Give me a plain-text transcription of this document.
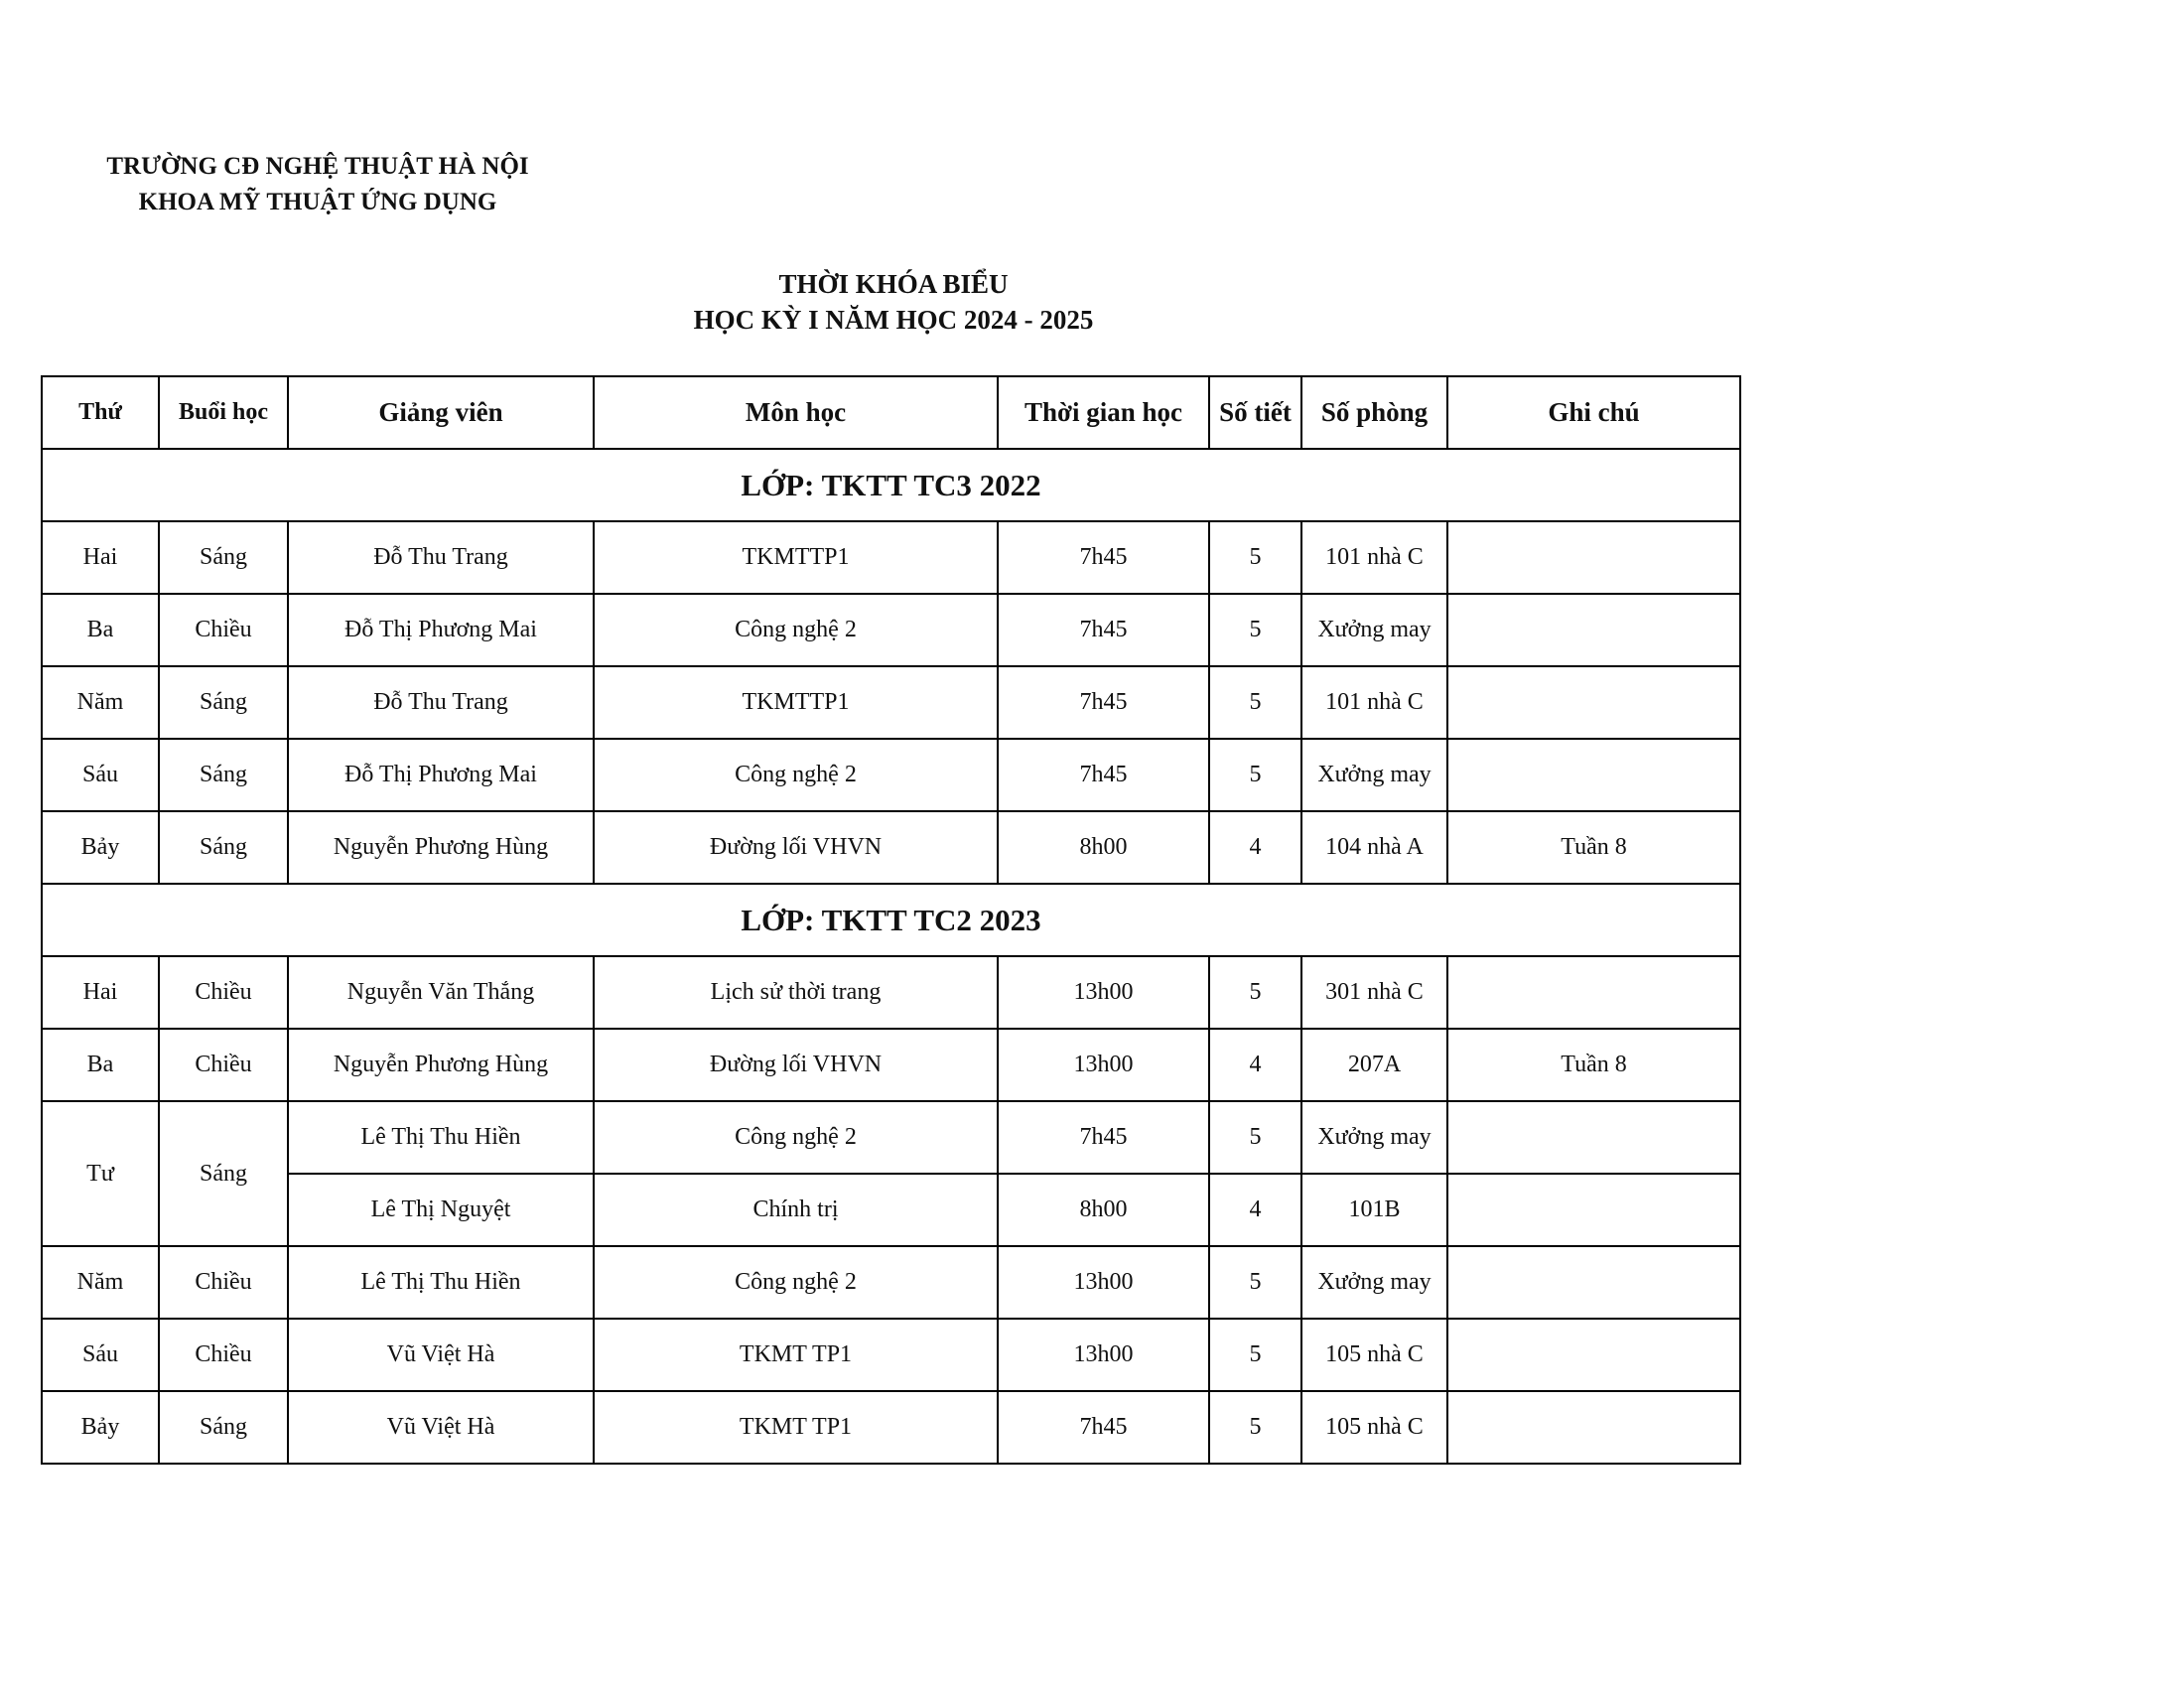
TRƯỜNG CĐ NGHỆ THUẬT HÀ NỘI
KHOA MỸ THUẬT ỨNG DỤNG
THỜI KHÓA BIỂU
HỌC KỲ I NĂM HỌC 2024 - 2025
Thứ	Buổi học	Giảng viên	Môn học	Thời gian học	Số tiết	Số phòng	Ghi chú
LỚP: TKTT TC3 2022							
Hai	Sáng	Đỗ Thu Trang	TKMTTP1	7h45	5	101 nhà C	
Ba	Chiều	Đỗ Thị Phương Mai	Công nghệ 2	7h45	5	Xưởng may	
Năm	Sáng	Đỗ Thu Trang	TKMTTP1	7h45	5	101 nhà C	
Sáu	Sáng	Đỗ Thị Phương Mai	Công nghệ 2	7h45	5	Xưởng may	
Bảy	Sáng	Nguyễn Phương Hùng	Đường lối VHVN	8h00	4	104 nhà A	Tuần 8
LỚP: TKTT TC2 2023							
Hai	Chiều	Nguyễn Văn Thắng	Lịch sử thời trang	13h00	5	301 nhà C	
Ba	Chiều	Nguyễn Phương Hùng	Đường lối VHVN	13h00	4	207A	Tuần 8
Tư	Sáng	Lê Thị Thu Hiền	Công nghệ 2	7h45	5	Xưởng may	
		Lê Thị Nguyệt	Chính trị	8h00	4	101B	
Năm	Chiều	Lê Thị Thu Hiền	Công nghệ 2	13h00	5	Xưởng may	
Sáu	Chiều	Vũ Việt Hà	TKMT TP1	13h00	5	105 nhà C	
Bảy	Sáng	Vũ Việt Hà	TKMT TP1	7h45	5	105 nhà C	
